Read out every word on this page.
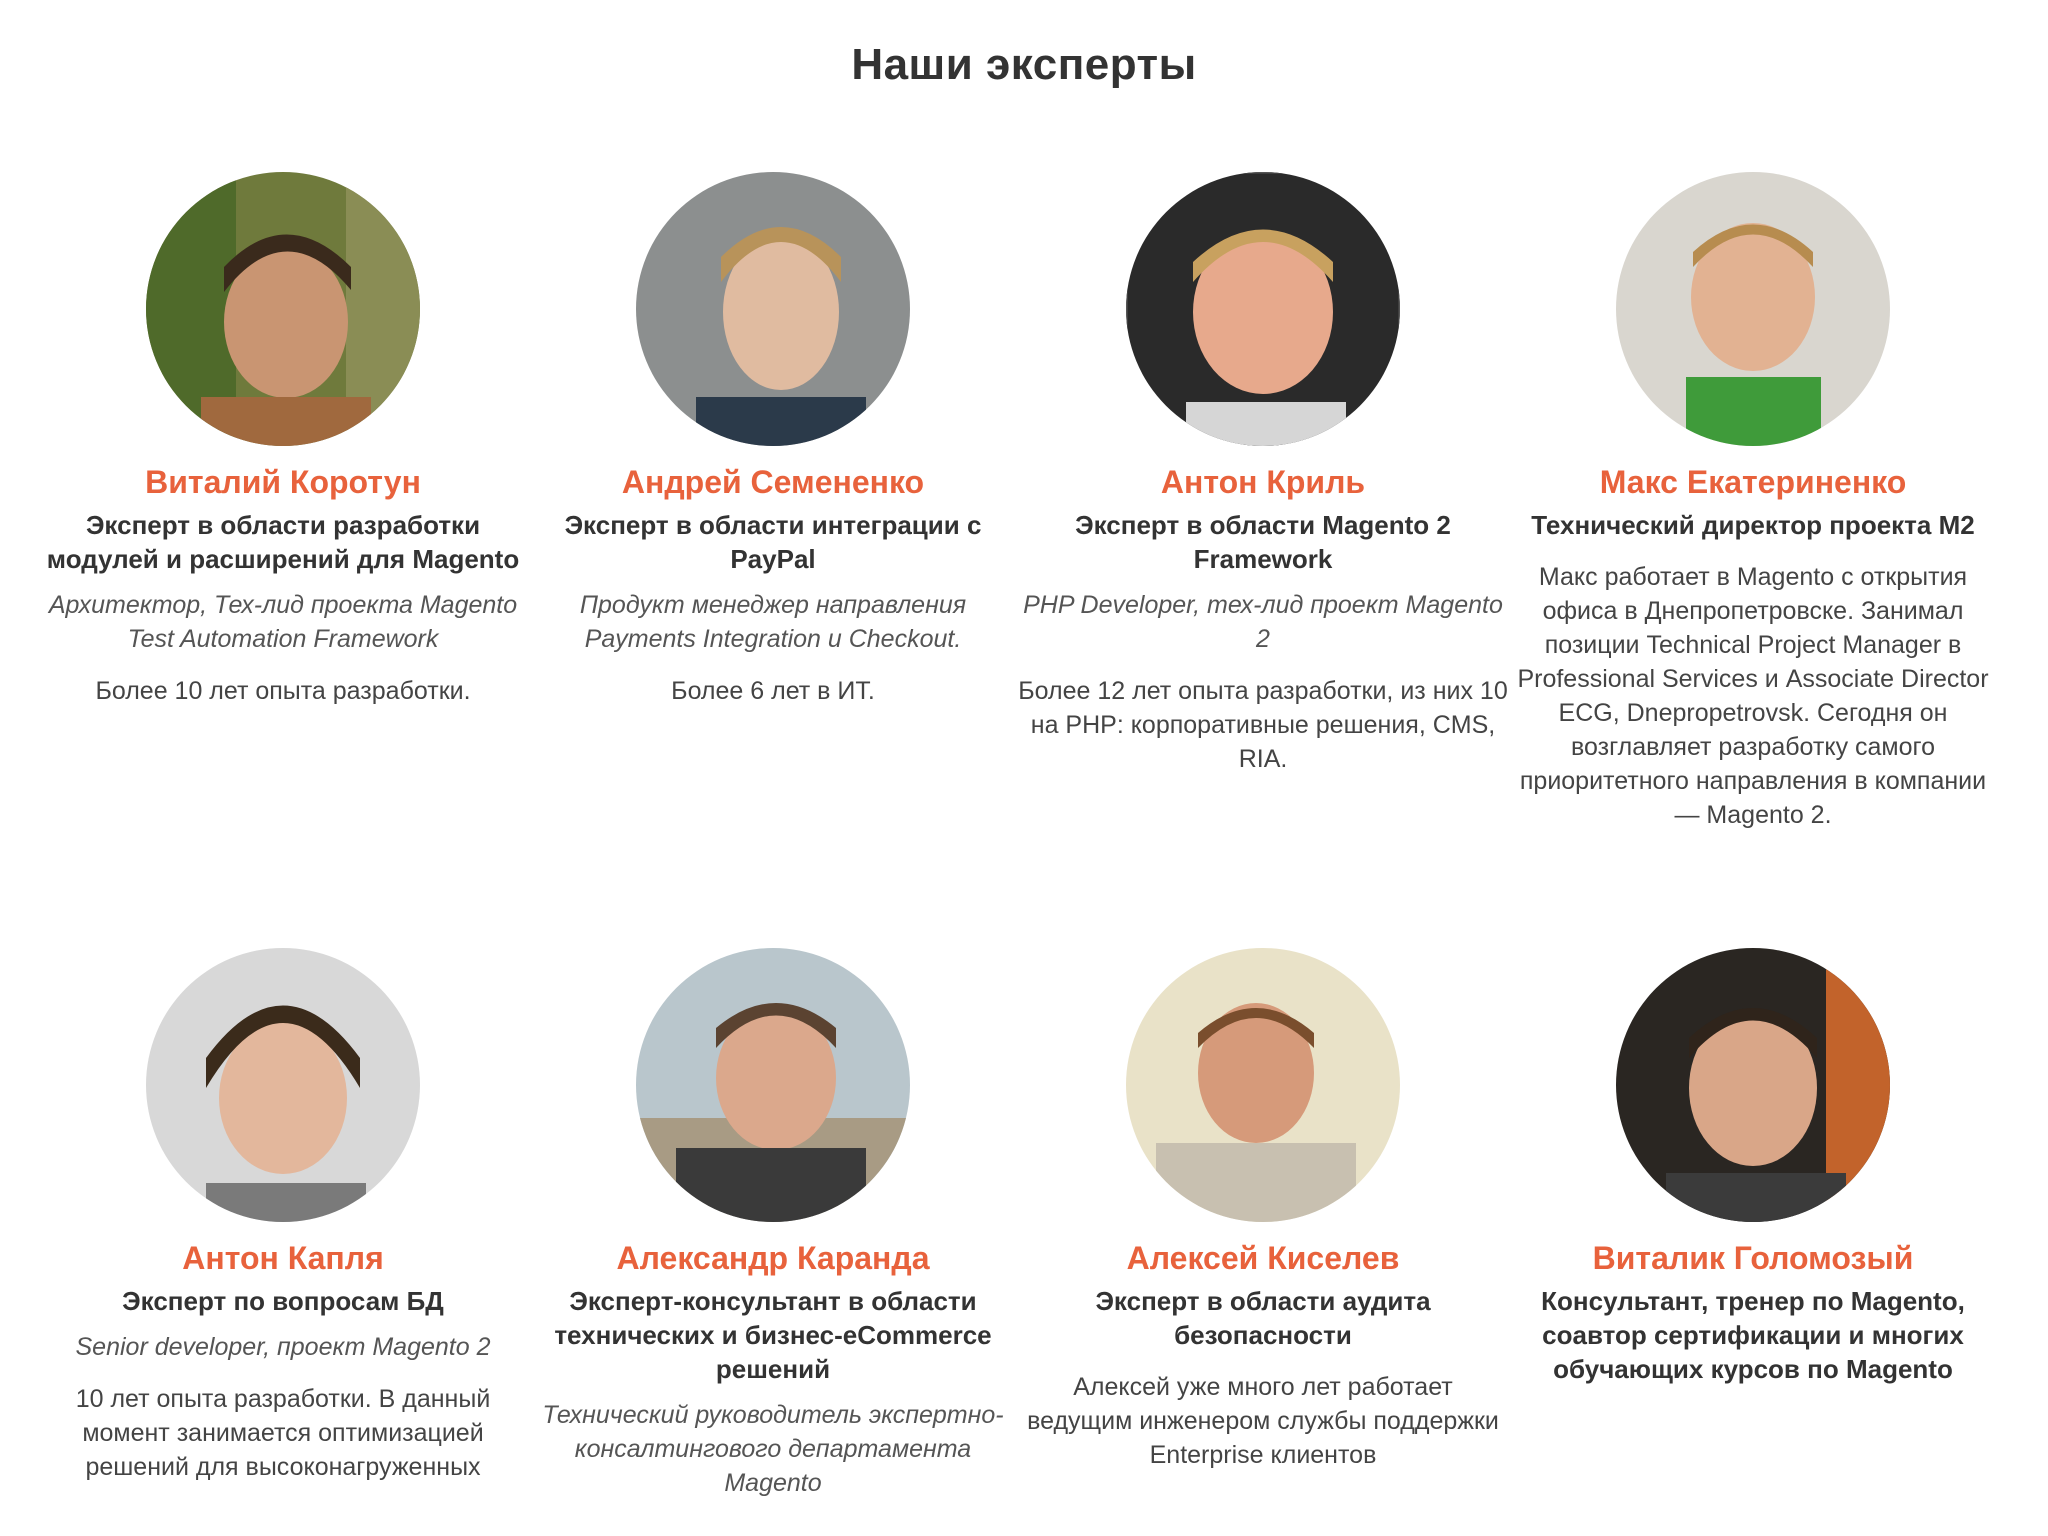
Наши эксперты
Виталий Коротун
Эксперт в области разработки модулей и расширений для Magento
Архитектор, Тех-лид проекта Magento Test Automation Framework
Более 10 лет опыта разработки.
Андрей Семененко
Эксперт в области интеграции с PayPal
Продукт менеджер направления Payments Integration и Checkout.
Более 6 лет в ИТ.
Антон Криль
Эксперт в области Magento 2 Framework
PHP Developer, тех-лид проект Magento 2
Более 12 лет опыта разработки, из них 10 на PHP: корпоративные решения, CMS, RIA.
Макс Екатериненко
Технический директор проекта M2
Макс работает в Magento с открытия офиса в Днепропетровске. Занимал позиции Technical Project Manager в Professional Services и Associate Director ECG, Dnepropetrovsk. Сегодня он возглавляет разработку самого приоритетного направления в компании — Magento 2.
Антон Капля
Эксперт по вопросам БД
Senior developer, проект Magento 2
10 лет опыта разработки. В данный момент занимается оптимизацией решений для высоконагруженных
Александр Каранда
Эксперт-консультант в области технических и бизнес-eCommerce решений
Технический руководитель экспертно-консалтингового департамента Magento
Алексей Киселев
Эксперт в области аудита безопасности
Алексей уже много лет работает ведущим инженером службы поддержки Enterprise клиентов
Виталик Голомозый
Консультант, тренер по Magento, соавтор сертификации и многих обучающих курсов по Magento
